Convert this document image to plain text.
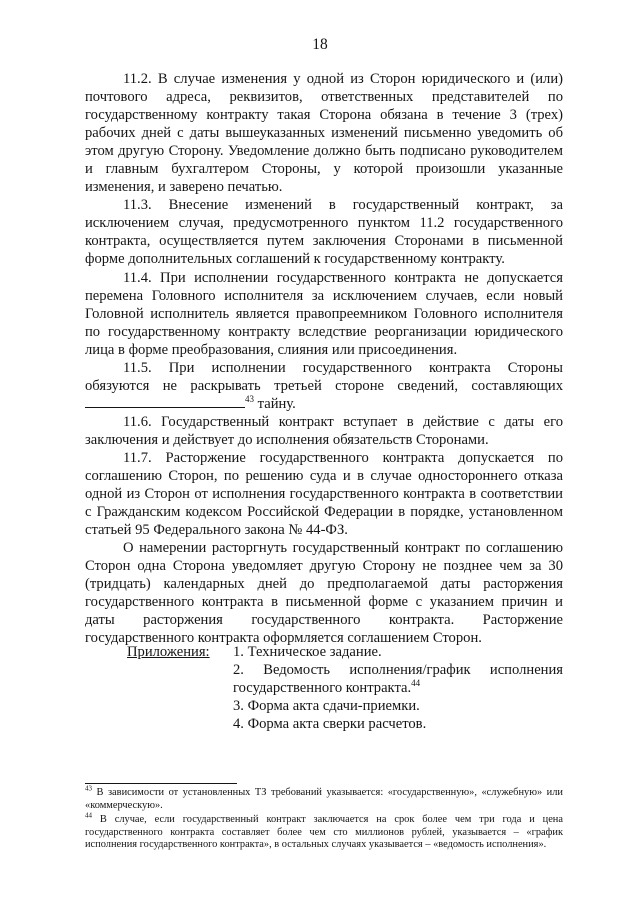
18

11.2. В случае изменения у одной из Сторон юридического и (или) почтового адреса, реквизитов, ответственных представителей по государственному контракту такая Сторона обязана в течение 3 (трех) рабочих дней с даты вышеуказанных изменений письменно уведомить об этом другую Сторону. Уведомление должно быть подписано руководителем и главным бухгалтером Стороны, у которой произошли указанные изменения, и заверено печатью.

11.3. Внесение изменений в государственный контракт, за исключением случая, предусмотренного пунктом 11.2 государственного контракта, осуществляется путем заключения Сторонами в письменной форме дополнительных соглашений к государственному контракту.

11.4. При исполнении государственного контракта не допускается перемена Головного исполнителя за исключением случаев, если новый Головной исполнитель является правопреемником Головного исполнителя по государственному контракту вследствие реорганизации юридического лица в форме преобразования, слияния или присоединения.

11.5. При исполнении государственного контракта Стороны обязуются не раскрывать третьей стороне сведений, составляющих $^{43}$ тайну.

11.6. Государственный контракт вступает в действие с даты его заключения и действует до исполнения обязательств Сторонами.

11.7. Расторжение государственного контракта допускается по соглашению Сторон, по решению суда и в случае одностороннего отказа одной из Сторон от исполнения государственного контракта в соответствии с Гражданским кодексом Российской Федерации в порядке, установленном статьей 95 Федерального закона № 44-ФЗ.

О намерении расторгнуть государственный контракт по соглашению Сторон одна Сторона уведомляет другую Сторону не позднее чем за 30 (тридцать) календарных дней до предполагаемой даты расторжения государственного контракта в письменной форме с указанием причин и даты расторжения государственного контракта. Расторжение государственного контракта оформляется соглашением Сторон.

Приложения: 1. Техническое задание.
2. Ведомость исполнения/график исполнения государственного контракта.$^{44}$
3. Форма акта сдачи-приемки.
4. Форма акта сверки расчетов.

$^{43}$ В зависимости от установленных ТЗ требований указывается: «государственную», «служебную» или «коммерческую».

$^{44}$ В случае, если государственный контракт заключается на срок более чем три года и цена государственного контракта составляет более чем сто миллионов рублей, указывается – «график исполнения государственного контракта», в остальных случаях указывается – «ведомость исполнения».
